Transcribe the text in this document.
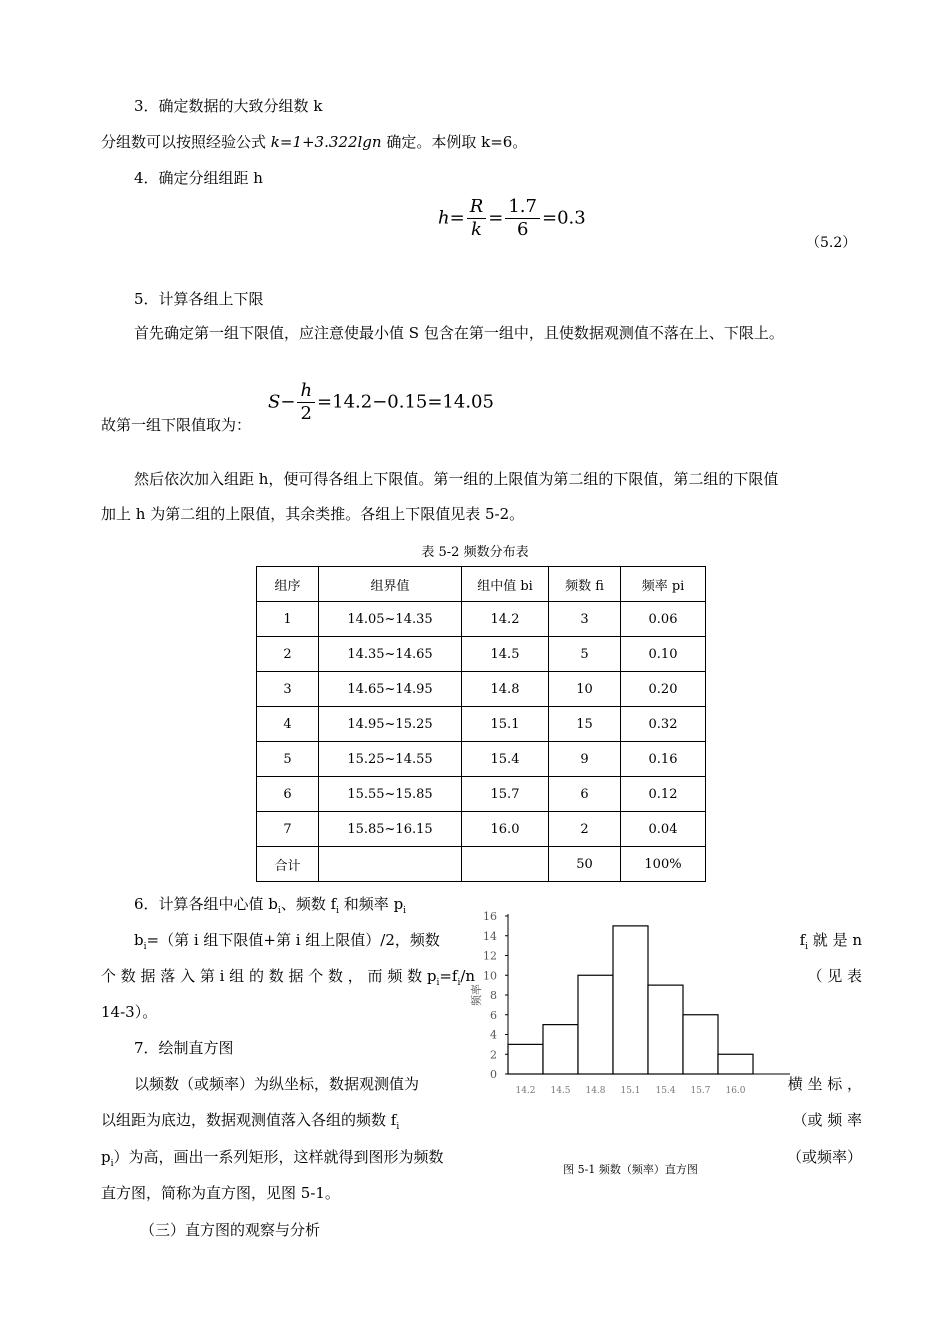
3．确定数据的大致分组数 k
分组数可以按照经验公式 k=1+3.322lgn 确定。本例取 k=6。
4．确定分组组距 h
$h= \frac{R}{k} = \frac{1.7}{6} =0.3$
（5.2）
5．计算各组上下限
首先确定第一组下限值，应注意使最小值 S 包含在第一组中，且使数据观测值不落在上、下限上。
故第一组下限值取为：
$S- \frac{h}{2} =14.2-0.15=14.05$
然后依次加入组距 h，便可得各组上下限值。第一组的上限值为第二组的下限值，第二组的下限值
加上 h 为第二组的上限值，其余类推。各组上下限值见表 5-2。
表 5-2 频数分布表
组序	组界值	组中值 bi	频数 fi	频率 pi
1	14.05~14.35	14.2	3	0.06
2	14.35~14.65	14.5	5	0.10
3	14.65~14.95	14.8	10	0.20
4	14.95~15.25	15.1	15	0.32
5	15.25~14.55	15.4	9	0.16
6	15.55~15.85	15.7	6	0.12
7	15.85~16.15	16.0	2	0.04
合计			50	100%
6．计算各组中心值 $b_i$、频数 $f_i$ 和频率 $p_i$
$b_i=$（第 i 组下限值+第 i 组上限值）/2，频数	$f_i$ 就 是 n
个 数 据 落 入 第 i 组 的 数 据 个 数 ， 而 频 数 $p_i=f_i/n$	（ 见 表
14-3）。
7．绘制直方图
以频数（或频率）为纵坐标，数据观测值为	横 坐 标 ，
以组距为底边，数据观测值落入各组的频数 $f_i$	（或 频 率
$p_i$）为高，画出一系列矩形，这样就得到图形为频数	（或频率）
直方图，简称为直方图，见图 5-1。
（三）直方图的观察与分析
0
2
4
6
8
10
12
14
16
14.2 14.5 14.8 15.1 15.4 15.7 16.0
频率
图 5-1 频数（频率）直方图
